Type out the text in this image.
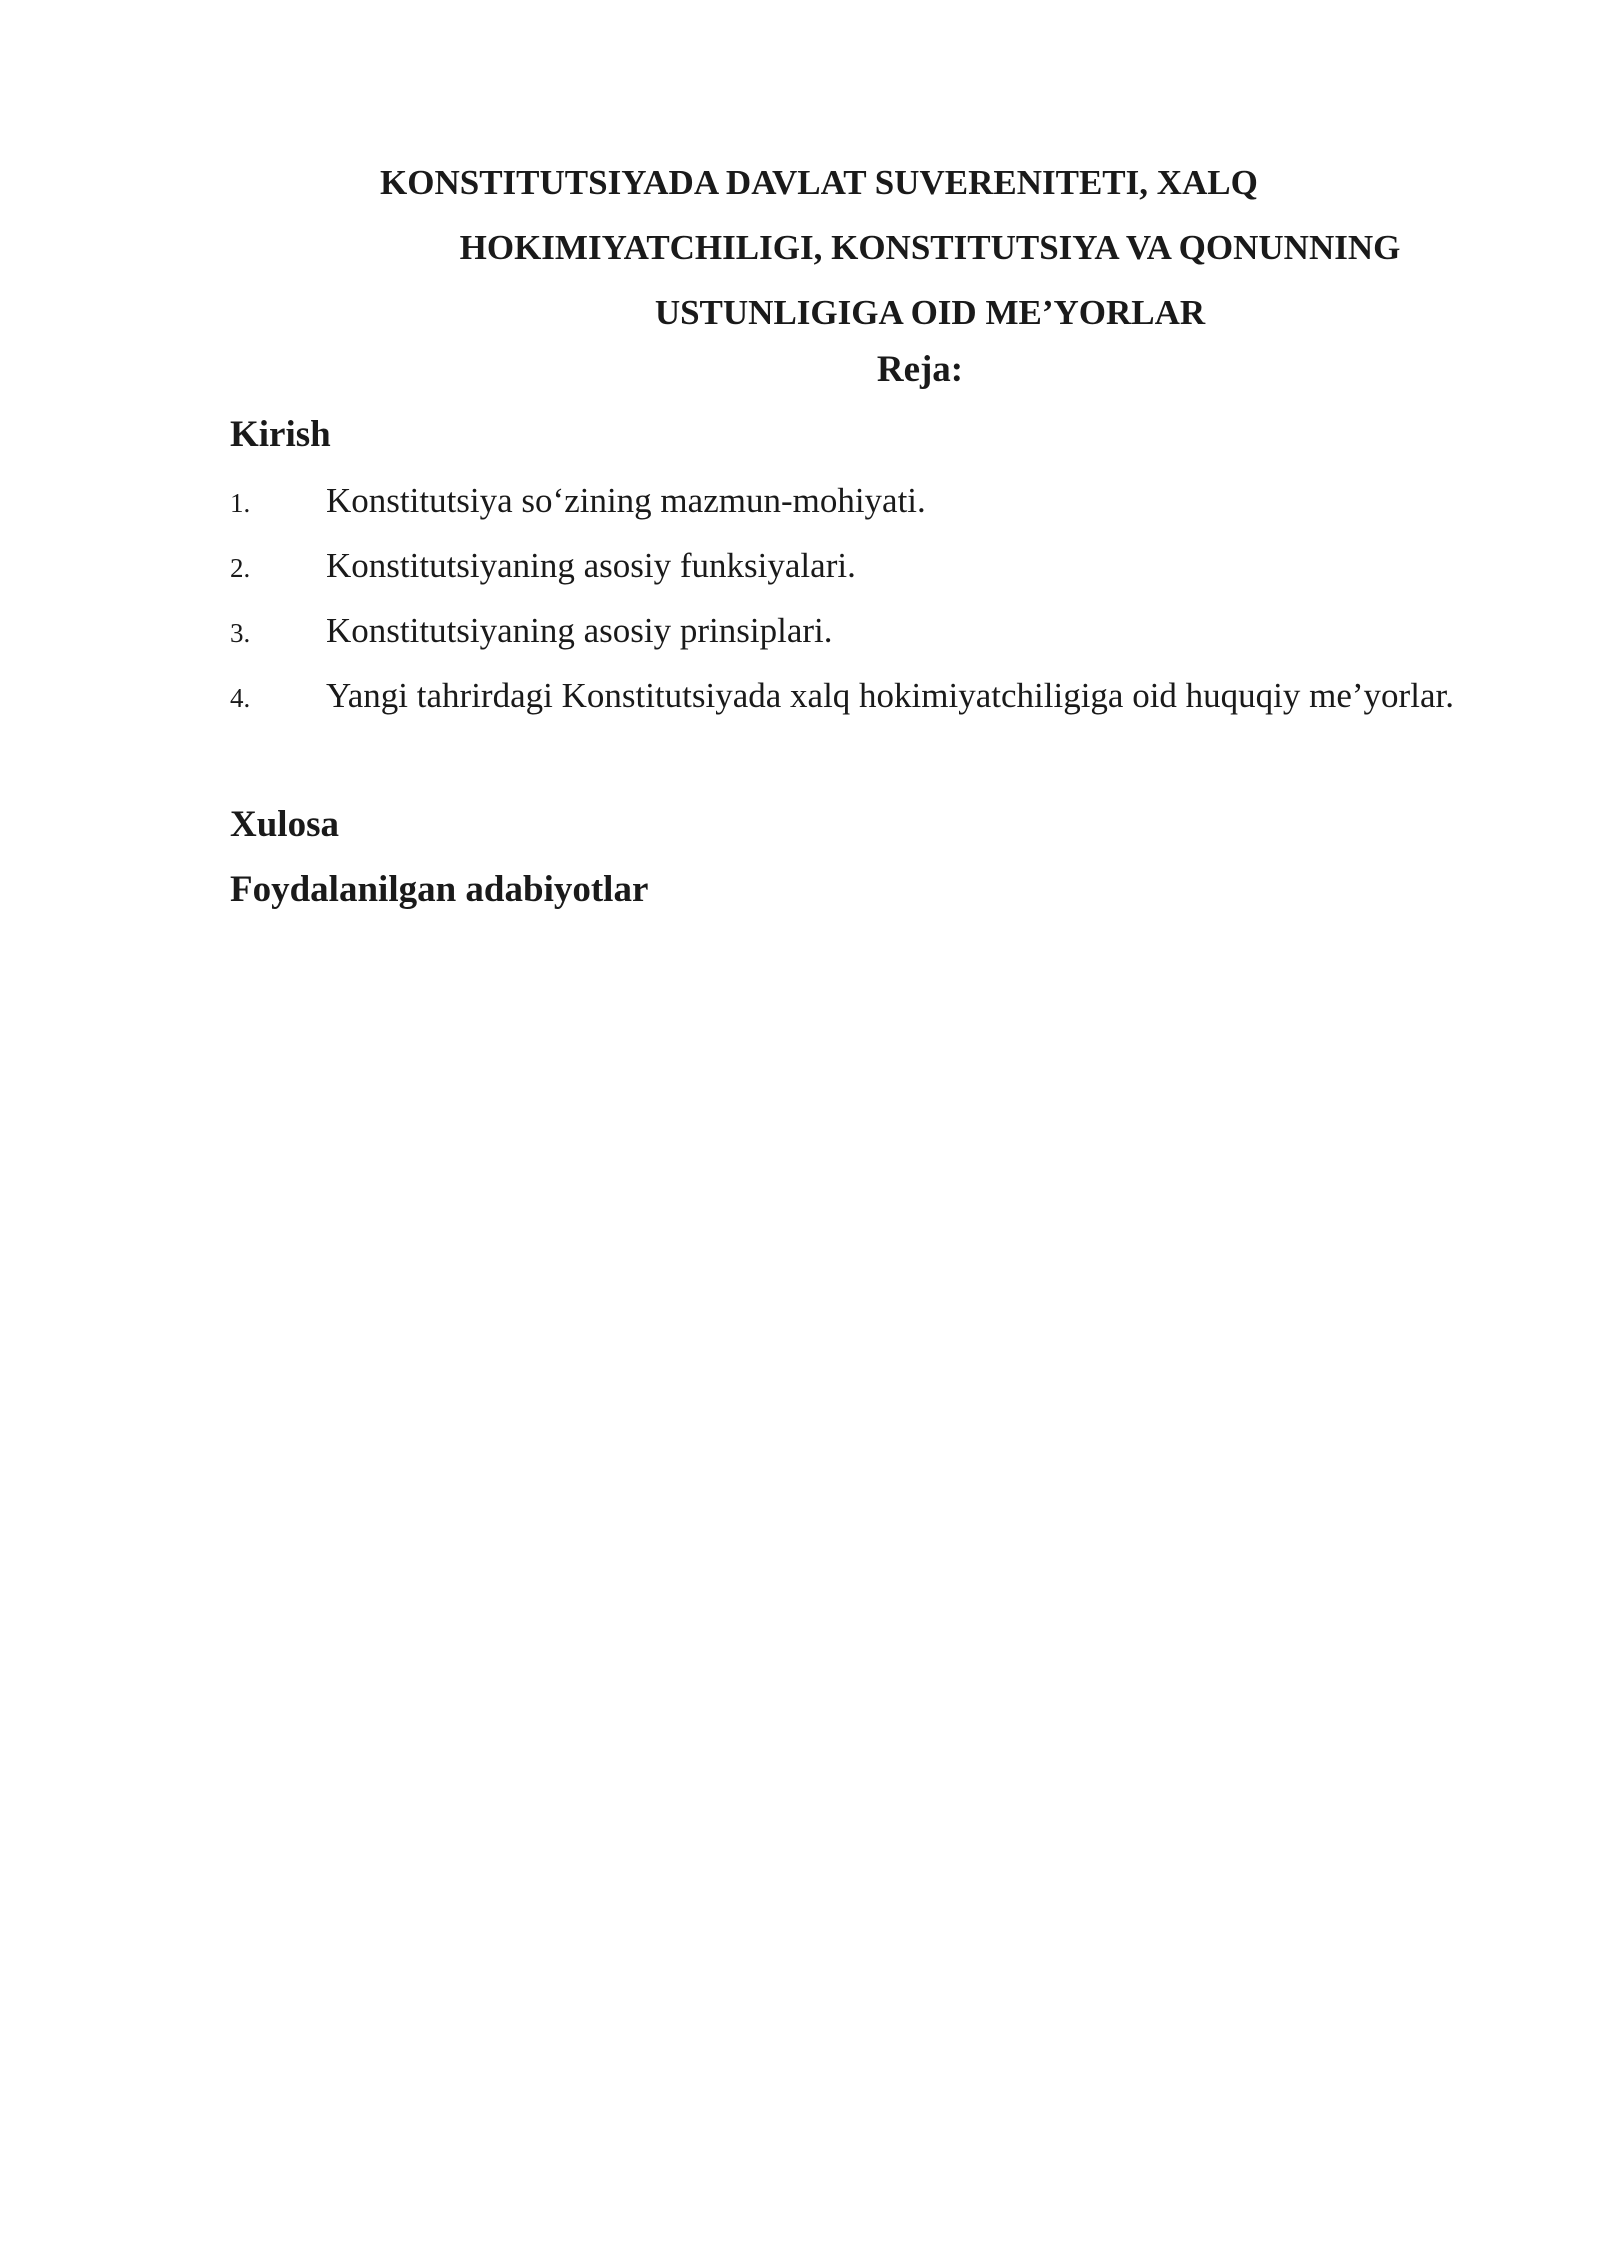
KONSTITUTSIYADA DAVLAT SUVERENITETI, XALQ
HOKIMIYATCHILIGI, KONSTITUTSIYA VA QONUNNING
USTUNLIGIGA OID ME’YORLAR

Reja:

Kirish

1. Konstitutsiya so‘zining mazmun-mohiyati.

2. Konstitutsiyaning asosiy funksiyalari.

3. Konstitutsiyaning asosiy prinsiplari.

4. Yangi tahrirdagi Konstitutsiyada xalq hokimiyatchiligiga oid huquqiy me’yorlar.

Xulosa

Foydalanilgan adabiyotlar
